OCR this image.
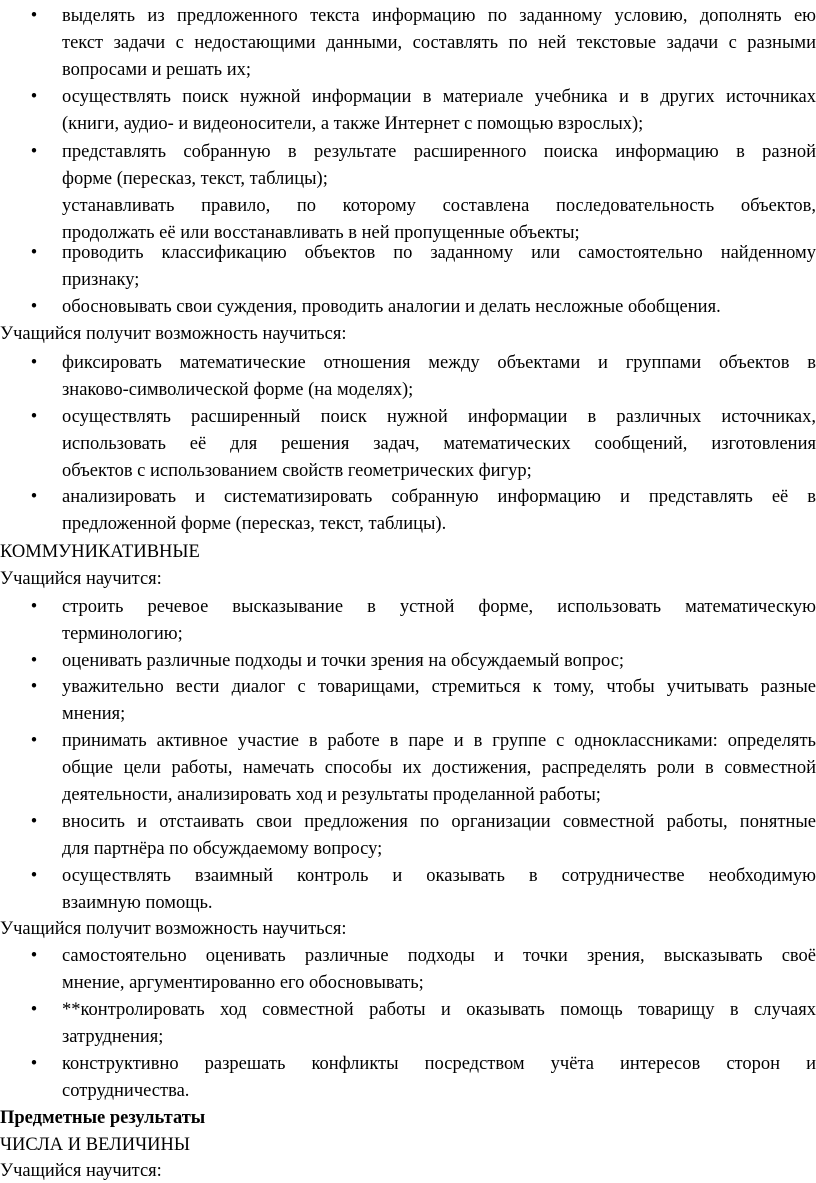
•
•
•
•
•
•
•
•
•
•
•
•
•
•
•
•
•
выделять из предложенного текста информацию по заданному условию, дополнять ею
текст задачи с недостающими данными, составлять по ней текстовые задачи с разными
вопросами и решать их;
осуществлять поиск нужной информации в материале учебника и в других источниках
(книги, аудио- и видеоносители, а также Интернет с помощью взрослых);
представлять собранную в результате расширенного поиска информацию в разной
форме (пересказ, текст, таблицы);
устанавливать правило, по которому составлена последовательность объектов,
продолжать её или восстанавливать в ней пропущенные объекты;
проводить классификацию объектов по заданному или самостоятельно найденному
признаку;
обосновывать свои суждения, проводить аналогии и делать несложные обобщения.
Учащийся получит возможность научиться:
фиксировать математические отношения между объектами и группами объектов в
знаково-символической форме (на моделях);
осуществлять расширенный поиск нужной информации в различных источниках,
использовать её для решения задач, математических сообщений, изготовления
объектов с использованием свойств геометрических фигур;
анализировать и систематизировать собранную информацию и представлять её в
предложенной форме (пересказ, текст, таблицы).
КОММУНИКАТИВНЫЕ
Учащийся научится:
строить речевое высказывание в устной форме, использовать математическую
терминологию;
оценивать различные подходы и точки зрения на обсуждаемый вопрос;
уважительно вести диалог с товарищами, стремиться к тому, чтобы учитывать разные
мнения;
принимать активное участие в работе в паре и в группе с одноклассниками: определять
общие цели работы, намечать способы их достижения, распределять роли в совместной
деятельности, анализировать ход и результаты проделанной работы;
вносить и отстаивать свои предложения по организации совместной работы, понятные
для партнёра по обсуждаемому вопросу;
осуществлять взаимный контроль и оказывать в сотрудничестве необходимую
взаимную помощь.
Учащийся получит возможность научиться:
самостоятельно оценивать различные подходы и точки зрения, высказывать своё
мнение, аргументированно его обосновывать;
**контролировать ход совместной работы и оказывать помощь товарищу в случаях
затруднения;
конструктивно разрешать конфликты посредством учёта интересов сторон и
сотрудничества.
Предметные результаты
ЧИСЛА И ВЕЛИЧИНЫ
Учащийся научится:
